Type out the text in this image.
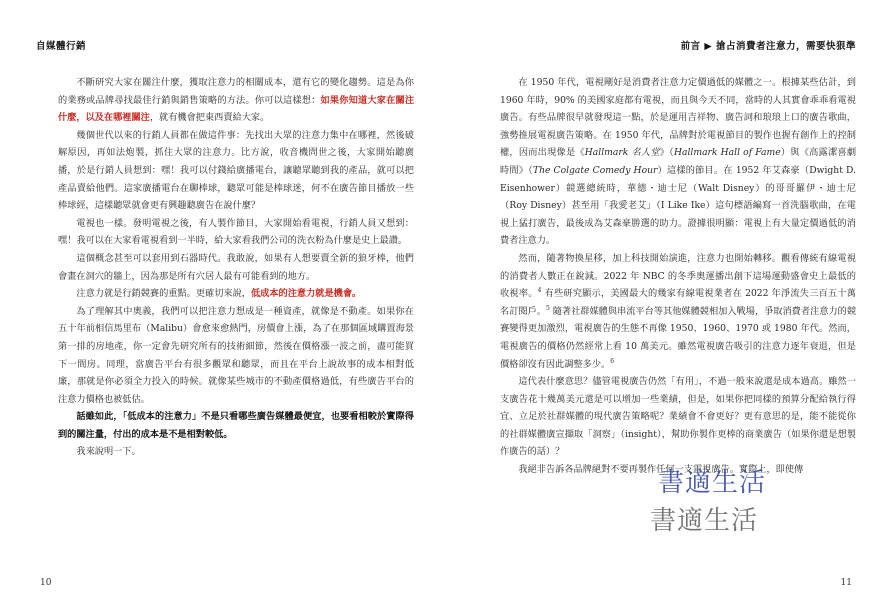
自媒體行銷

不斷研究大家在關注什麼，獲取注意力的相關成本，還有它的變化趨勢。這是為你的業務或品牌尋找最佳行銷與銷售策略的方法。你可以這樣想：如果你知道大家在關注什麼，以及在哪裡關注，就有機會把東西賣給大家。

幾個世代以來的行銷人員都在做這件事：先找出大眾的注意力集中在哪裡，然後破解原因，再如法炮製，抓住大眾的注意力。比方說，收音機問世之後，大家開始聽廣播，於是行銷人員想到：嘿！我可以付錢給廣播電台，讓聽眾聽到我的產品，就可以把產品賣給他們。這家廣播電台在聊棒球，聽眾可能是棒球迷，何不在廣告節目播放一些棒球經，這樣聽眾就會更有興趣聽廣告在說什麼？

電視也一樣。發明電視之後，有人製作節目，大家開始看電視，行銷人員又想到：嘿！我可以在大家看電視看到一半時，給大家看我們公司的洗衣粉為什麼是史上最讚。

這個概念甚至可以套用到石器時代。我敢說，如果有人想要賣全新的狼牙棒，他們會畫在洞穴的牆上，因為那是所有穴居人最有可能看到的地方。

注意力就是行銷競賽的重點。更確切來說，低成本的注意力就是機會。

為了理解其中奧義，我們可以把注意力想成是一種資產，就像是不動產。如果你在五十年前相信馬里布（Malibu）會愈來愈熱門，房價會上漲，為了在那個區域購置海景第一排的房地產，你一定會先研究所有的技術細節，然後在價格漲一波之前，盡可能買下一間房。同理，當廣告平台有很多觀眾和聽眾，而且在平台上說故事的成本相對低廉，那就是你必須全力投入的時候。就像某些城市的不動產價格過低，有些廣告平台的注意力價格也被低估。

話雖如此，「低成本的注意力」不是只看哪些廣告媒體最便宜，也要看相較於實際得到的關注量，付出的成本是不是相對較低。

我來說明一下。

10
前言 ▶ 搶占消費者注意力，需要快狠準

在 1950 年代，電視剛好是消費者注意力定價過低的媒體之一。根據某些估計，到 1960 年時，90% 的美國家庭都有電視，而且與今天不同，當時的人其實會乖乖看電視廣告。有些品牌很早就發現這一點，於是運用吉祥物、廣告詞和琅琅上口的廣告歌曲，強勢推展電視廣告策略。在 1950 年代，品牌對於電視節目的製作也握有創作上的控制權，因而出現像是《Hallmark 名人堂》（Hallmark Hall of Fame）與《高露潔喜劇時間》（The Colgate Comedy Hour）這樣的節目。在 1952 年艾森豪（Dwight D. Eisenhower）競選總統時，華德・迪士尼（Walt Disney）的哥哥羅伊・迪士尼（Roy Disney）甚至用「我愛老艾」（I Like Ike）這句標語編寫一首洗腦歌曲，在電視上猛打廣告，最後成為艾森豪勝選的助力。證據很明顯：電視上有大量定價過低的消費者注意力。

然而，隨著物換星移，加上科技開始演進，注意力也開始轉移。觀看傳統有線電視的消費者人數正在銳減。2022 年 NBC 的冬季奧運播出創下這場運動盛會史上最低的收視率。$^4$ 有些研究顯示，美國最大的幾家有線電視業者在 2022 年淨流失三百五十萬名訂閱戶。$^5$ 隨著社群媒體與串流平台等其他媒體競相加入戰場，爭取消費者注意力的競賽變得更加激烈，電視廣告的生態不再像 1950、1960、1970 或 1980 年代。然而，電視廣告的價格仍然經常上看 10 萬美元。雖然電視廣告吸引的注意力逐年衰退，但是價格卻沒有因此調整多少。$^6$

這代表什麼意思？儘管電視廣告仍然「有用」，不過一般來說還是成本過高。雖然一支廣告花十幾萬美元還是可以增加一些業績，但是，如果你把同樣的預算分配給執行得宜、立足於社群媒體的現代廣告策略呢？業績會不會更好？更有意思的是，能不能從你的社群媒體廣宣擷取「洞察」（insight），幫助你製作更棒的商業廣告（如果你還是想製作廣告的話）？

我絕非告訴各品牌絕對不要再製作任何一支電視廣告。實際上，即使傳

11
書適生活
書適生活
